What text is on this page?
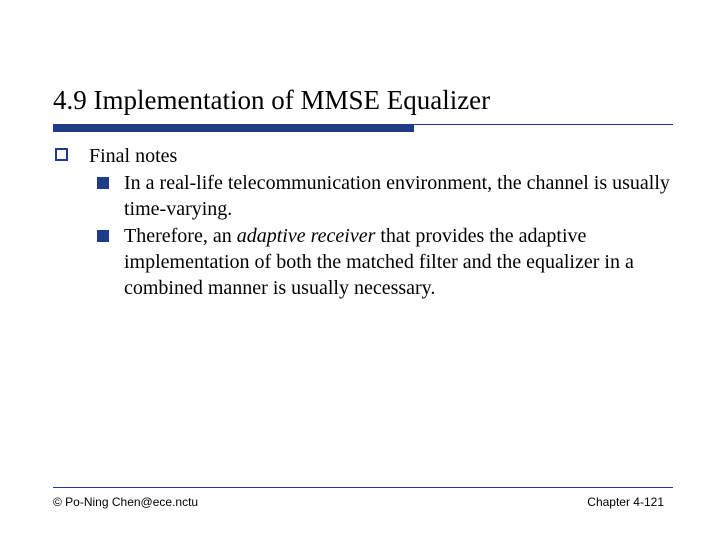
4.9 Implementation of MMSE Equalizer
Final notes
In a real-life telecommunication environment, the channel is usually time-varying.
Therefore, an adaptive receiver that provides the adaptive implementation of both the matched filter and the equalizer in a combined manner is usually necessary.
© Po-Ning Chen@ece.nctu	Chapter 4-121
